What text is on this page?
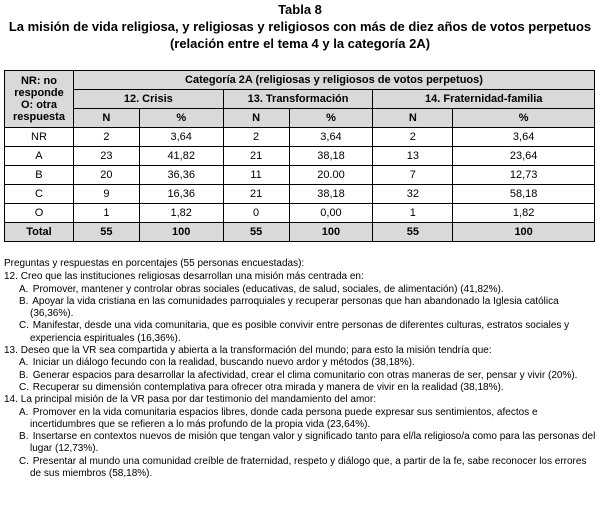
Tabla 8
La misión de vida religiosa, y religiosas y religiosos con más de diez años de votos perpetuos
(relación entre el tema 4 y la categoría 2A)
NR: no
responde
O: otra
respuesta	Categoría 2A (religiosas y religiosos de votos perpetuos)					
	12. Crisis		13. Transformación		14. Fraternidad-familia	
	N	%	N	%	N	%
NR	2	3,64	2	3,64	2	3,64
A	23	41,82	21	38,18	13	23,64
B	20	36,36	11	20.00	7	12,73
C	9	16,36	21	38,18	32	58,18
O	1	1,82	0	0,00	1	1,82
Total	55	100	55	100	55	100
Preguntas y respuestas en porcentajes (55 personas encuestadas):
12. Creo que las instituciones religiosas desarrollan una misión más centrada en:
A. Promover, mantener y controlar obras sociales (educativas, de salud, sociales, de alimentación) (41,82%).
B. Apoyar la vida cristiana en las comunidades parroquiales y recuperar personas que han abandonado la Iglesia católica (36,36%).
C. Manifestar, desde una vida comunitaria, que es posible convivir entre personas de diferentes culturas, estratos sociales y experiencia espirituales (16,36%).
13. Deseo que la VR sea compartida y abierta a la transformación del mundo; para esto la misión tendría que:
A. Iniciar un diálogo fecundo con la realidad, buscando nuevo ardor y métodos (38,18%).
B. Generar espacios para desarrollar la afectividad, crear el clima comunitario con otras maneras de ser, pensar y vivir (20%).
C. Recuperar su dimensión contemplativa para ofrecer otra mirada y manera de vivir en la realidad (38,18%).
14. La principal misión de la VR pasa por dar testimonio del mandamiento del amor:
A. Promover en la vida comunitaria espacios libres, donde cada persona puede expresar sus sentimientos, afectos e incertidumbres que se refieren a lo más profundo de la propia vida (23,64%).
B. Insertarse en contextos nuevos de misión que tengan valor y significado tanto para el/la religioso/a como para las personas del lugar (12,73%).
C. Presentar al mundo una comunidad creíble de fraternidad, respeto y diálogo que, a partir de la fe, sabe reconocer los errores de sus miembros (58,18%).
